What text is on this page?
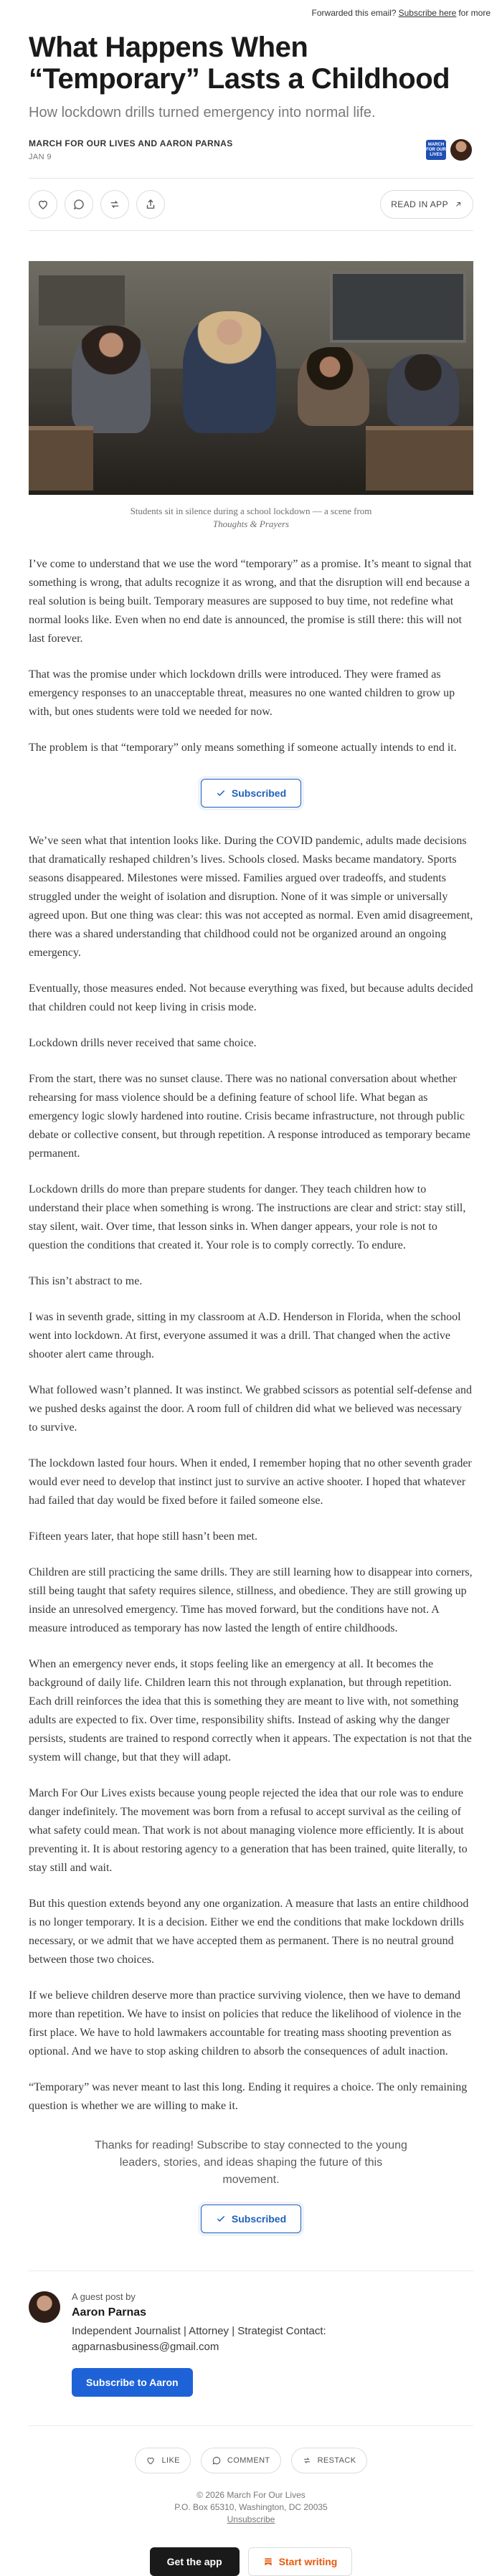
Forwarded this email? Subscribe here for more
What Happens When “Temporary” Lasts a Childhood
How lockdown drills turned emergency into normal life.
MARCH FOR OUR LIVES AND AARON PARNAS
JAN 9
MARCH FOR OUR LIVES
READ IN APP
Students sit in silence during a school lockdown — a scene from Thoughts & Prayers

I’ve come to understand that we use the word “temporary” as a promise. It’s meant to signal that something is wrong, that adults recognize it as wrong, and that the disruption will end because a real solution is being built. Temporary measures are supposed to buy time, not redefine what normal looks like. Even when no end date is announced, the promise is still there: this will not last forever.

That was the promise under which lockdown drills were introduced. They were framed as emergency responses to an unacceptable threat, measures no one wanted children to grow up with, but ones students were told we needed for now.

The problem is that “temporary” only means something if someone actually intends to end it.

Subscribed

We’ve seen what that intention looks like. During the COVID pandemic, adults made decisions that dramatically reshaped children’s lives. Schools closed. Masks became mandatory. Sports seasons disappeared. Milestones were missed. Families argued over tradeoffs, and students struggled under the weight of isolation and disruption. None of it was simple or universally agreed upon. But one thing was clear: this was not accepted as normal. Even amid disagreement, there was a shared understanding that childhood could not be organized around an ongoing emergency.

Eventually, those measures ended. Not because everything was fixed, but because adults decided that children could not keep living in crisis mode.

Lockdown drills never received that same choice.

From the start, there was no sunset clause. There was no national conversation about whether rehearsing for mass violence should be a defining feature of school life. What began as emergency logic slowly hardened into routine. Crisis became infrastructure, not through public debate or collective consent, but through repetition. A response introduced as temporary became permanent.

Lockdown drills do more than prepare students for danger. They teach children how to understand their place when something is wrong. The instructions are clear and strict: stay still, stay silent, wait. Over time, that lesson sinks in. When danger appears, your role is not to question the conditions that created it. Your role is to comply correctly. To endure.

This isn’t abstract to me.

I was in seventh grade, sitting in my classroom at A.D. Henderson in Florida, when the school went into lockdown. At first, everyone assumed it was a drill. That changed when the active shooter alert came through.

What followed wasn’t planned. It was instinct. We grabbed scissors as potential self-defense and we pushed desks against the door. A room full of children did what we believed was necessary to survive.

The lockdown lasted four hours. When it ended, I remember hoping that no other seventh grader would ever need to develop that instinct just to survive an active shooter. I hoped that whatever had failed that day would be fixed before it failed someone else.

Fifteen years later, that hope still hasn’t been met.

Children are still practicing the same drills. They are still learning how to disappear into corners, still being taught that safety requires silence, stillness, and obedience. They are still growing up inside an unresolved emergency. Time has moved forward, but the conditions have not. A measure introduced as temporary has now lasted the length of entire childhoods.

When an emergency never ends, it stops feeling like an emergency at all. It becomes the background of daily life. Children learn this not through explanation, but through repetition. Each drill reinforces the idea that this is something they are meant to live with, not something adults are expected to fix. Over time, responsibility shifts. Instead of asking why the danger persists, students are trained to respond correctly when it appears. The expectation is not that the system will change, but that they will adapt.

March For Our Lives exists because young people rejected the idea that our role was to endure danger indefinitely. The movement was born from a refusal to accept survival as the ceiling of what safety could mean. That work is not about managing violence more efficiently. It is about preventing it. It is about restoring agency to a generation that has been trained, quite literally, to stay still and wait.

But this question extends beyond any one organization. A measure that lasts an entire childhood is no longer temporary. It is a decision. Either we end the conditions that make lockdown drills necessary, or we admit that we have accepted them as permanent. There is no neutral ground between those two choices.

If we believe children deserve more than practice surviving violence, then we have to demand more than repetition. We have to insist on policies that reduce the likelihood of violence in the first place. We have to hold lawmakers accountable for treating mass shooting prevention as optional. And we have to stop asking children to absorb the consequences of adult inaction.

“Temporary” was never meant to last this long. Ending it requires a choice. The only remaining question is whether we are willing to make it.

Thanks for reading! Subscribe to stay connected to the young leaders, stories, and ideas shaping the future of this movement.
Subscribed
A guest post by
Aaron Parnas
Independent Journalist | Attorney | Strategist Contact: agparnasbusiness@gmail.com
Subscribe to Aaron
LIKE	COMMENT	RESTACK
© 2026 March For Our Lives
P.O. Box 65310, Washington, DC 20035
Unsubscribe
Get the app	Start writing
